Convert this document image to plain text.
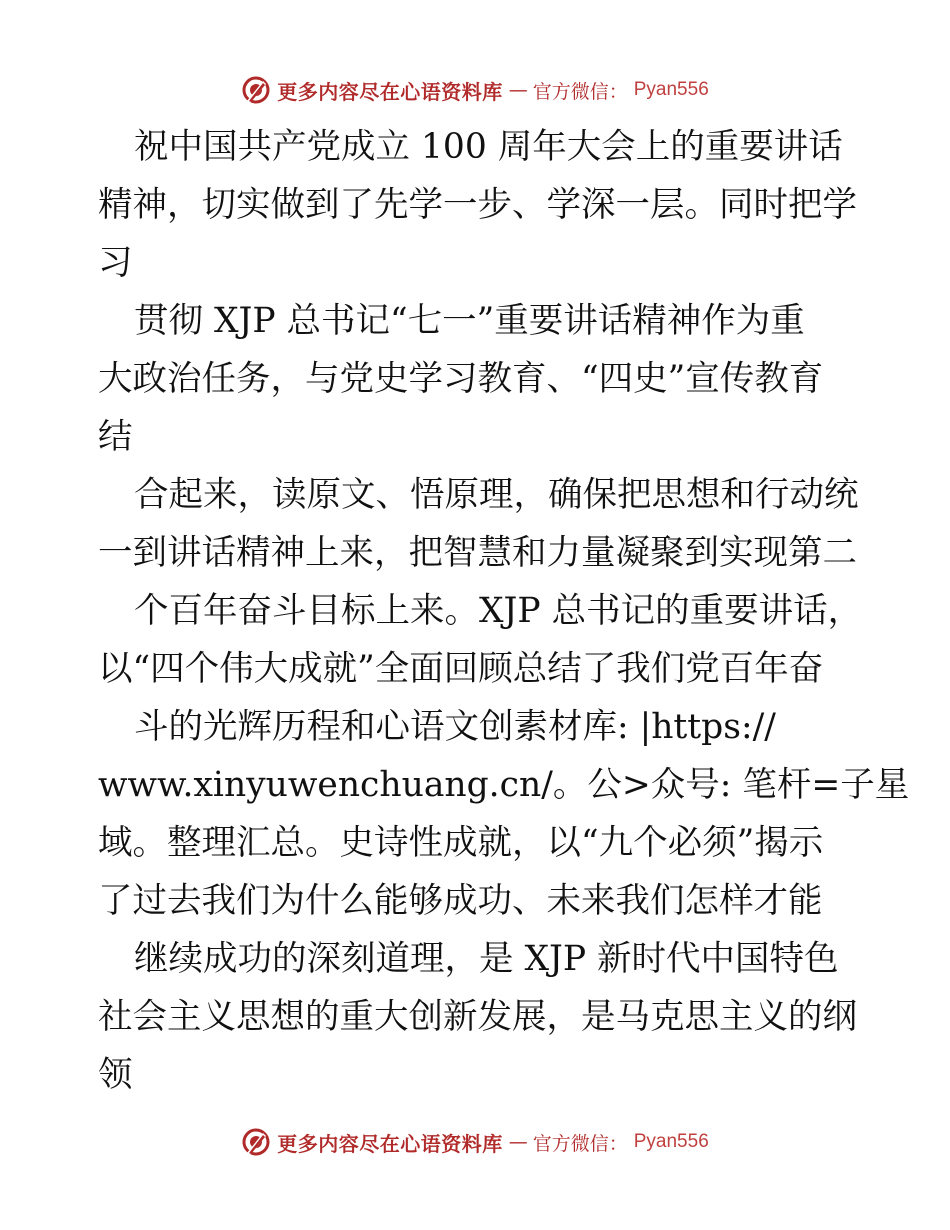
更多内容尽在心语资料库 — 官方微信： Pyan556
祝中国共产党成立 100 周年大会上的重要讲话
精神，切实做到了先学一步、学深一层。同时把学
习
贯彻 XJP 总书记“七一”重要讲话精神作为重
大政治任务，与党史学习教育、“四史”宣传教育
结
合起来，读原文、悟原理，确保把思想和行动统
一到讲话精神上来，把智慧和力量凝聚到实现第二
个百年奋斗目标上来。XJP 总书记的重要讲话，
以“四个伟大成就”全面回顾总结了我们党百年奋
斗的光辉历程和心语文创素材库: |https://
www.xinyuwenchuang.cn/。公>众号: 笔杆=子星
域。整理汇总。史诗性成就，以“九个必须”揭示
了过去我们为什么能够成功、未来我们怎样才能
继续成功的深刻道理，是 XJP 新时代中国特色
社会主义思想的重大创新发展，是马克思主义的纲
领
更多内容尽在心语资料库 — 官方微信： Pyan556
